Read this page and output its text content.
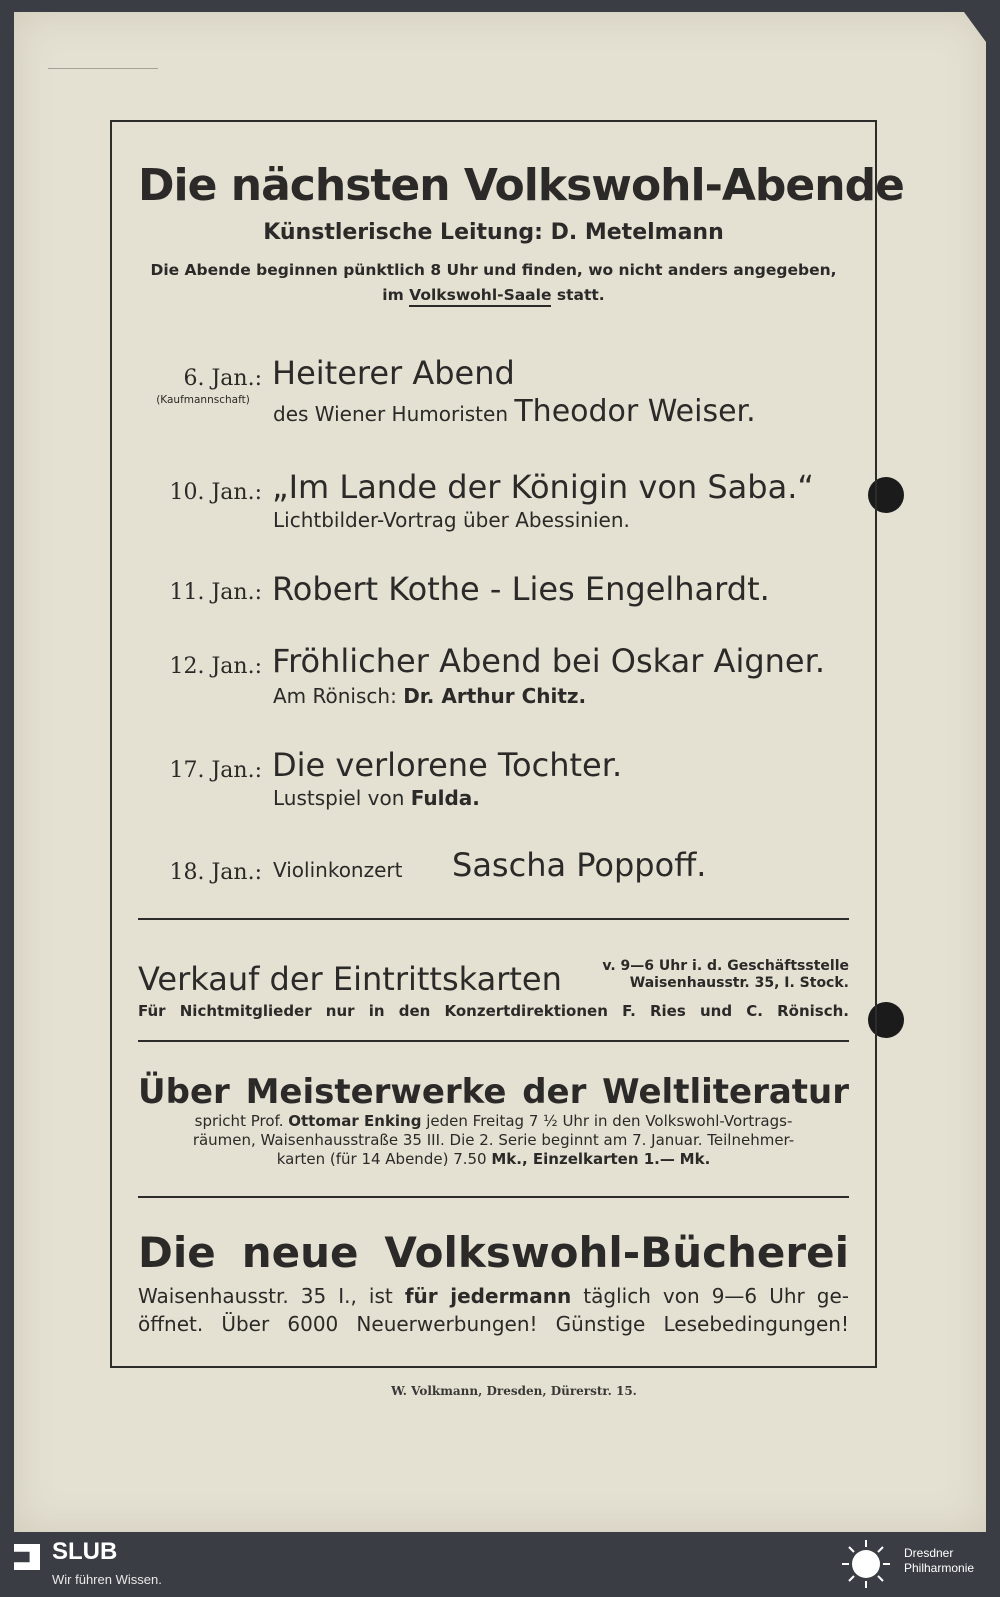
Die nächsten Volkswohl-Abende
Künstlerische Leitung: D. Metelmann
Die Abende beginnen pünktlich 8 Uhr und finden, wo nicht anders angegeben,
im Volkswohl-Saale statt.
6. Jan.:
(Kaufmannschaft)
Heiterer Abend
des Wiener Humoristen Theodor Weiser.
10. Jan.: „Im Lande der Königin von Saba.“
Lichtbilder-Vortrag über Abessinien.
11. Jan.: Robert Kothe - Lies Engelhardt.
12. Jan.: Fröhlicher Abend bei Oskar Aigner.
Am Rönisch: Dr. Arthur Chitz.
17. Jan.: Die verlorene Tochter.
Lustspiel von Fulda.
18. Jan.: Violinkonzert Sascha Poppoff.
Verkauf der Eintrittskarten	v. 9—6 Uhr i. d. Geschäftsstelle
Waisenhausstr. 35, I. Stock.
Für Nichtmitglieder nur in den Konzertdirektionen F. Ries und C. Rönisch.
Über Meisterwerke der Weltliteratur
spricht Prof. Ottomar Enking jeden Freitag 7 ½ Uhr in den Volkswohl-Vortrags-
räumen, Waisenhausstraße 35 III. Die 2. Serie beginnt am 7. Januar. Teilnehmer-
karten (für 14 Abende) 7.50 Mk., Einzelkarten 1.— Mk.
Die neue Volkswohl-Bücherei
Waisenhausstr. 35 I., ist für jedermann täglich von 9—6 Uhr ge-
öffnet. Über 6000 Neuerwerbungen! Günstige Lesebedingungen!
W. Volkmann, Dresden, Dürerstr. 15.
SLUB
Wir führen Wissen.
Dresdner
Philharmonie
